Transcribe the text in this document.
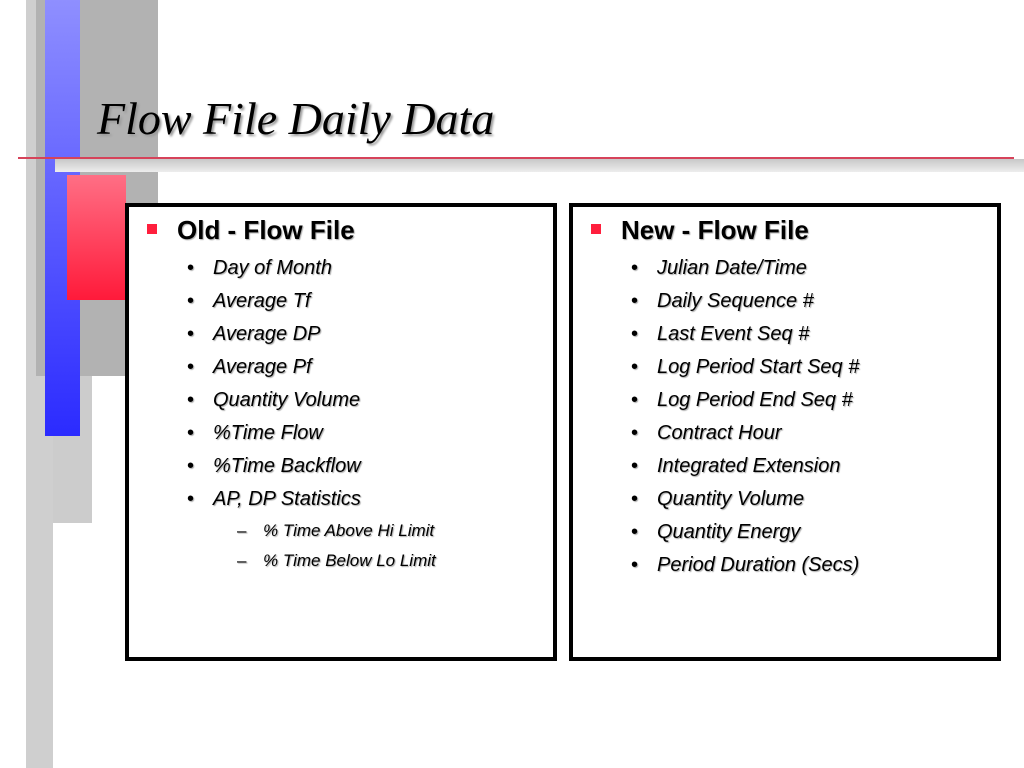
Flow File Daily Data
Old - Flow File
• Day of Month
• Average Tf
• Average DP
• Average Pf
• Quantity Volume
• %Time Flow
• %Time Backflow
• AP, DP Statistics
– % Time Above Hi Limit
– % Time Below Lo Limit
New - Flow File
• Julian Date/Time
• Daily Sequence #
• Last Event Seq #
• Log Period Start Seq #
• Log Period End Seq #
• Contract Hour
• Integrated Extension
• Quantity Volume
• Quantity Energy
• Period Duration (Secs)
